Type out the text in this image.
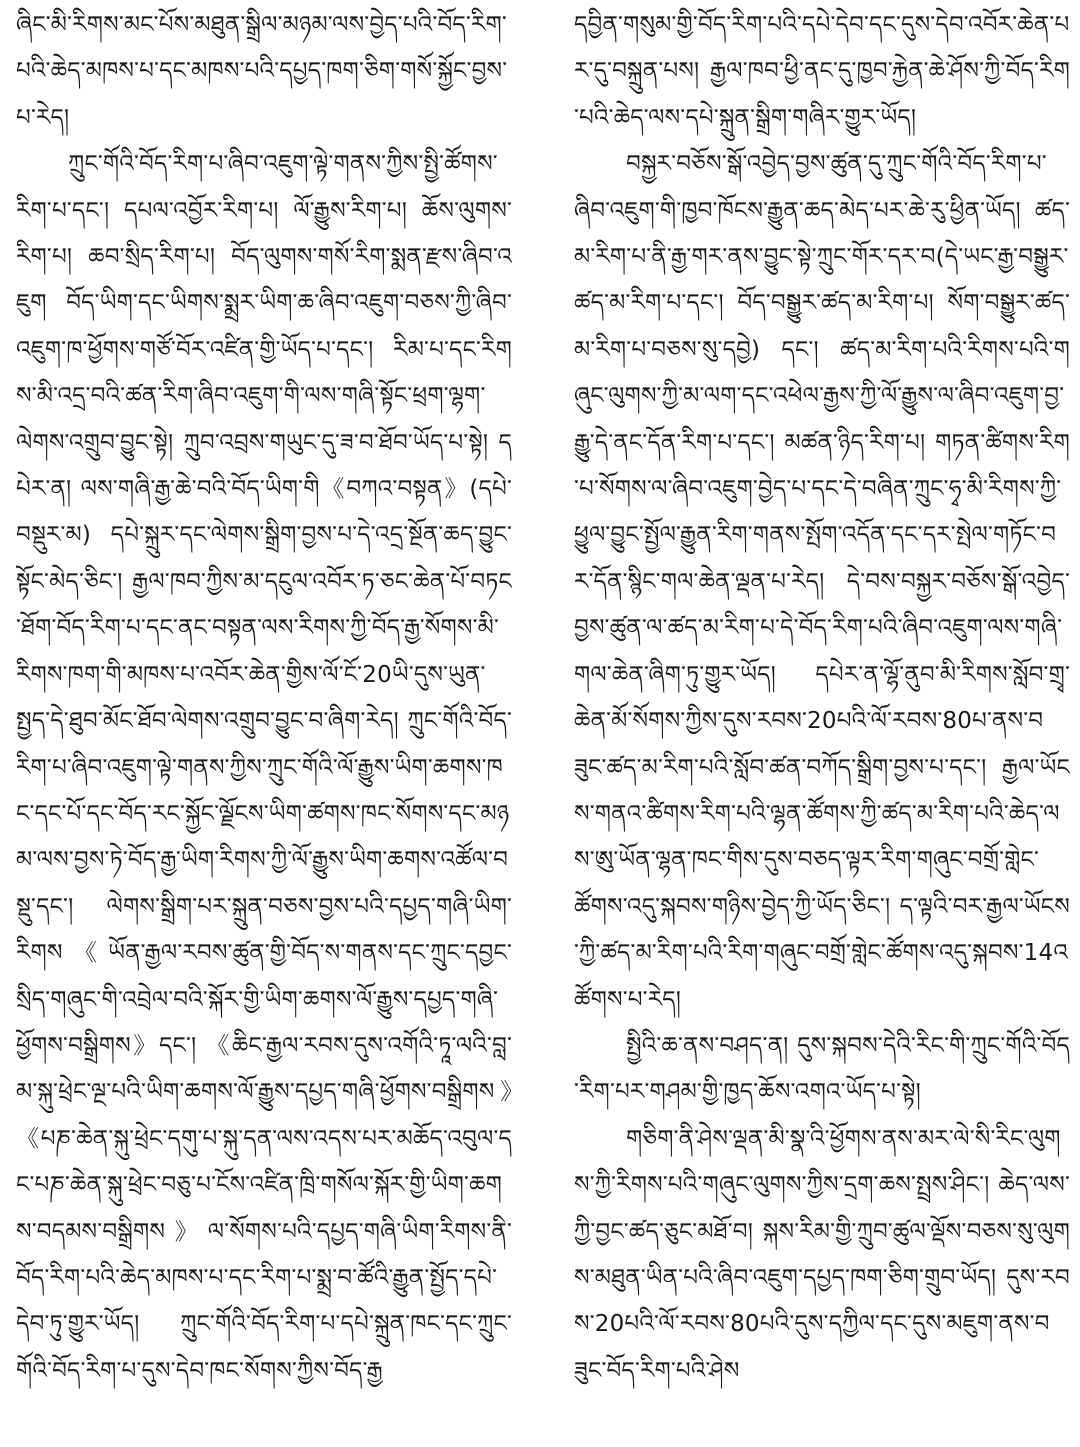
ཞིང་མི་རིགས་མང་པོས་མཐུན་སྒྲིལ་མཉམ་ལས་བྱེད་པའི་བོད་རིག་པའི་ཆེད་མཁས་པ་དང་མཁས་པའི་དཔྱད་ཁག་ཅིག་གསོ་སྐྱོང་བྱས་པ་རེད།

ཀྲུང་གོའི་བོད་རིག་པ་ཞིབ་འཇུག་ལྟེ་གནས་ཀྱིས་སྤྱི་ཚོགས་རིག་པ་དང་། དཔལ་འབྱོར་རིག་པ། ལོ་རྒྱུས་རིག་པ། ཆོས་ལུགས་རིག་པ། ཆབ་སྲིད་རིག་པ། བོད་ལུགས་གསོ་རིག་སྨན་རྫས་ཞིབ་འཇུག བོད་ཡིག་དང་ཡིགས་སྨྲར་ཡིག་ཆ་ཞིབ་འཇུག་བཅས་ཀྱི་ཞིབ་འཇུག་ཁ་ཕྱོགས་གཙོ་བོར་འཛིན་གྱི་ཡོད་པ་དང་། རིམ་པ་དང་རིགས་མི་འདྲ་བའི་ཚན་རིག་ཞིབ་འཇུག་གི་ལས་གཞི་སྟོང་ཕྲག་ལྷག་ལེགས་འགྲུབ་བྱུང་སྟེ། ཀྲུབ་འབྲས་གཡུང་དུ་ཟ་བ་ཐོབ་ཡོད་པ་སྟེ། དཔེར་ན། ལས་གཞི་རྒྱ་ཆེ་བའི་བོད་ཡིག་གི《བཀའ་བསྟན》(དཔེ་བསྡུར་མ) དཔེ་སྐྲུར་དང་ལེགས་སྒྲིག་བྱས་པ་དེ་འདྲ་སྔོན་ཆད་བྱུང་སྟོང་མེད་ཅིང་། རྒྱལ་ཁབ་ཀྱིས་མ་དངུལ་འབོར་ཏ་ཅང་ཆེན་པོ་བཏང་ཐོག་བོད་རིག་པ་དང་ནང་བསྟན་ལས་རིགས་ཀྱི་བོད་རྒྱ་སོགས་མི་རིགས་ཁག་གི་མཁས་པ་འབོར་ཆེན་གྱིས་ལོ་ངོ་20ཡི་དུས་ཡུན་སྤྱད་དེ་ཐུབ་མོང་ཐོབ་ལེགས་འགྲུབ་བྱུང་བ་ཞིག་རེད། ཀྲུང་གོའི་བོད་རིག་པ་ཞིབ་འཇུག་ལྟེ་གནས་ཀྱིས་ཀྲུང་གོའི་ལོ་རྒྱུས་ཡིག་ཆགས་ཁང་དང་པོ་དང་བོད་རང་སྐྱོང་ལྗོངས་ཡིག་ཚགས་ཁང་སོགས་དང་མཉམ་ལས་བྱས་ཏེ་བོད་རྒྱ་ཡིག་རིགས་ཀྱི་ལོ་རྒྱུས་ཡིག་ཆགས་འཚོལ་བསྡུ་དང་། ལེགས་སྒྲིག་པར་སྐྲུན་བཅས་བྱས་པའི་དཔྱད་གཞི་ཡིག་རིགས《ཡོན་རྒྱལ་རབས་ཚུན་གྱི་བོད་ས་གནས་དང་ཀྲུང་དབྱང་སྲིད་གཞུང་གི་འབྲེལ་བའི་སྐོར་གྱི་ཡིག་ཆགས་ལོ་རྒྱུས་དཔྱད་གཞི་ཕྱོགས་བསྒྲིགས》དང་། 《ཆིང་རྒྱལ་རབས་དུས་འགོའི་ཏཱ་ལའི་བླ་མ་སྐུ་ཕྲེང་ལྔ་པའི་ཡིག་ཆགས་ལོ་རྒྱུས་དཔྱད་གཞི་ཕྱོགས་བསྒྲིགས》《པཎ་ཆེན་སྐུ་ཕྲེང་དགུ་པ་སྐུ་དན་ལས་འདས་པར་མཆོད་འབུལ་དང་པཎ་ཆེན་སྐུ་ཕྲེང་བཅུ་པ་ངོས་འཛིན་ཁྲི་གསོལ་སྐོར་གྱི་ཡིག་ཆགས་བདམས་བསྒྲིགས》ལ་སོགས་པའི་དཔྱད་གཞི་ཡིག་རིགས་ནི་བོད་རིག་པའི་ཆེད་མཁས་པ་དང་རིག་པ་སྨྲ་བ་ཚོའི་རྒྱུན་སྤྱོད་དཔེ་དེབ་ཏུ་གྱུར་ཡོད། ཀྲུང་གོའི་བོད་རིག་པ་དཔེ་སྐྲུན་ཁང་དང་ཀྲུང་གོའི་བོད་རིག་པ་དུས་དེབ་ཁང་སོགས་ཀྱིས་བོད་རྒྱ

དབྱིན་གསུམ་གྱི་བོད་རིག་པའི་དཔེ་དེབ་དང་དུས་དེབ་འབོར་ཆེན་པར་དུ་བསྐྲུན་པས། རྒྱལ་ཁབ་ཕྱི་ནང་དུ་ཁྱབ་རྐྱེན་ཆེ་ཤོས་ཀྱི་བོད་རིག་པའི་ཆེད་ལས་དཔེ་སྐྲུན་སྒྲིག་གཞིར་གྱུར་ཡོད།

བསྐྱར་བཅོས་སྒོ་འབྱེད་བྱས་ཚུན་དུ་ཀྲུང་གོའི་བོད་རིག་པ་ཞིབ་འཇུག་གི་ཁྱབ་ཁོངས་རྒྱུན་ཆད་མེད་པར་ཆེ་རུ་ཕྱིན་ཡོད། ཚད་མ་རིག་པ་ནི་རྒྱ་གར་ནས་བྱུང་སྟེ་ཀྲུང་གོར་དར་བ(དེ་ཡང་རྒྱ་བསྒྱུར་ཚད་མ་རིག་པ་དང་། བོད་བསྒྱུར་ཚད་མ་རིག་པ། སོག་བསྒྱུར་ཚད་མ་རིག་པ་བཅས་སུ་དབྱེ) དང་། ཚད་མ་རིག་པའི་རིགས་པའི་གཞུང་ལུགས་ཀྱི་མ་ལག་དང་འཕེལ་རྒྱས་ཀྱི་ལོ་རྒྱུས་ལ་ཞིབ་འཇུག་བྱ་རྒྱུ་དེ་ནང་དོན་རིག་པ་དང་། མཚན་ཉིད་རིག་པ། གཏན་ཚིགས་རིག་པ་སོགས་ལ་ཞིབ་འཇུག་བྱེད་པ་དང་དེ་བཞིན་ཀྲུང་ཧྭ་མི་རིགས་ཀྱི་ཕྱུལ་བྱུང་སྤྱོལ་རྒྱུན་རིག་གནས་སྤོག་འདོན་དང་དར་སྤེལ་གཏོང་བར་དོན་སྙིང་གལ་ཆེན་ལྡན་པ་རེད། དེ་བས་བསྐྱར་བཅོས་སྒོ་འབྱེད་བྱས་ཚུན་ལ་ཚད་མ་རིག་པ་དེ་བོད་རིག་པའི་ཞིབ་འཇུག་ལས་གཞི་གལ་ཆེན་ཞིག་ཏུ་གྱུར་ཡོད། དཔེར་ན་ལྷོ་ནུབ་མི་རིགས་སློབ་གྲྭ་ཆེན་མོ་སོགས་ཀྱིས་དུས་རབས་20པའི་ལོ་རབས་80པ་ནས་བཟུང་ཚད་མ་རིག་པའི་སློབ་ཚན་བཀོད་སྒྲིག་བྱས་པ་དང་། རྒྱལ་ཡོངས་གནའ་ཚིགས་རིག་པའི་ལྷན་ཚོགས་ཀྱི་ཚད་མ་རིག་པའི་ཆེད་ལས་ཨུ་ཡོན་ལྷན་ཁང་གིས་དུས་བཅད་ལྟར་རིག་གཞུང་བགྲོ་གླེང་ཚོགས་འདུ་སྐབས་གཉིས་བྱེད་ཀྱི་ཡོད་ཅིང་། ད་ལྟའི་བར་རྒྱལ་ཡོངས་ཀྱི་ཚད་མ་རིག་པའི་རིག་གཞུང་བགྲོ་གླེང་ཚོགས་འདུ་སྐབས་14འཚོགས་པ་རེད།

སྤྱིའི་ཆ་ནས་བཤད་ན། དུས་སྐབས་དེའི་རིང་གི་ཀྲུང་གོའི་བོད་རིག་པར་གཤམ་གྱི་ཁྱད་ཆོས་འགའ་ཡོད་པ་སྟེ།

གཅིག་ནི་ཤེས་ལྡན་མི་སྣ་འི་ཕྱོགས་ནས་མར་ལེ་སི་རིང་ལུགས་ཀྱི་རིགས་པའི་གཞུང་ལུགས་ཀྱིས་དྲག་ཆས་སྤྲས་ཤིང་། ཆེད་ལས་ཀྱི་བྱང་ཚད་ཅུང་མཐོ་བ། སྐས་རིམ་གྱི་ཀྲུབ་ཚུལ་ལྡོས་བཅས་སུ་ལུགས་མཐུན་ཡིན་པའི་ཞིབ་འཇུག་དཔྱད་ཁག་ཅིག་གྲུབ་ཡོད། དུས་རབས་20པའི་ལོ་རབས་80པའི་དུས་དཀྱིལ་དང་དུས་མཇུག་ནས་བཟུང་བོད་རིག་པའི་ཤེས
